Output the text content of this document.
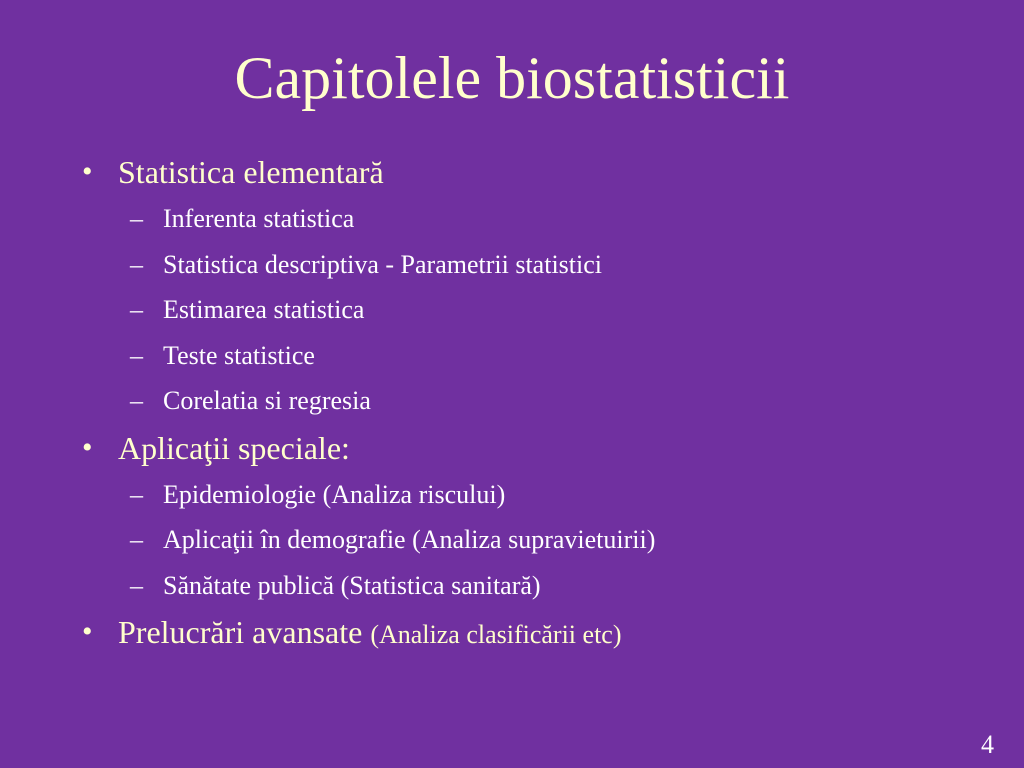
Capitolele biostatisticii
• Statistica elementară
– Inferenta statistica
– Statistica descriptiva - Parametrii statistici
– Estimarea statistica
– Teste statistice
– Corelatia si regresia
• Aplicaţii speciale:
– Epidemiologie (Analiza riscului)
– Aplicaţii în demografie (Analiza supravietuirii)
– Sănătate publică (Statistica sanitară)
• Prelucrări avansate (Analiza clasificării etc)
4
